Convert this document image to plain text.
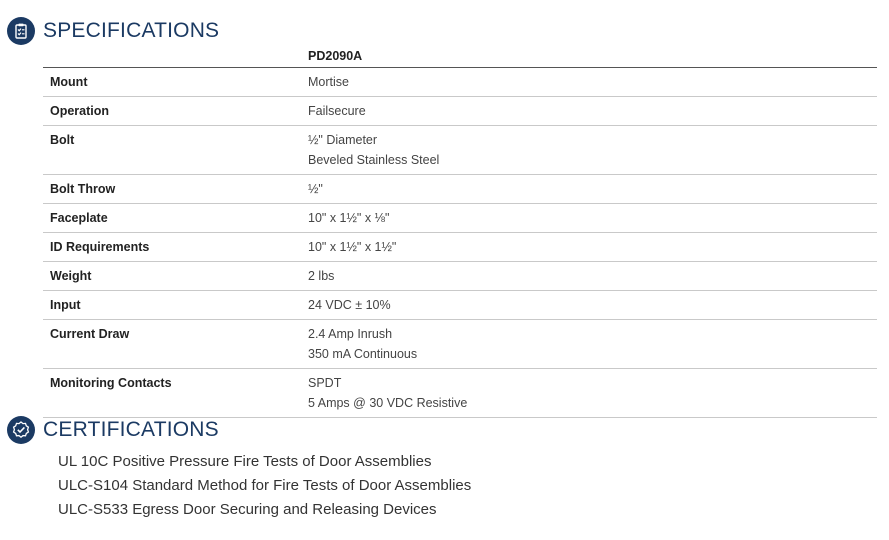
SPECIFICATIONS
	PD2090A
Mount	Mortise

Operation	Failsecure

Bolt	½" Diameter
Beveled Stainless Steel

Bolt Throw	½"

Faceplate	10" x 1½" x ⅛"

ID Requirements	10" x 1½" x 1½"

Weight	2 lbs

Input	24 VDC ± 10%

Current Draw	2.4 Amp Inrush
350 mA Continuous

Monitoring Contacts	SPDT
5 Amps @ 30 VDC Resistive
CERTIFICATIONS
UL 10C Positive Pressure Fire Tests of Door Assemblies
ULC-S104 Standard Method for Fire Tests of Door Assemblies
ULC-S533 Egress Door Securing and Releasing Devices
